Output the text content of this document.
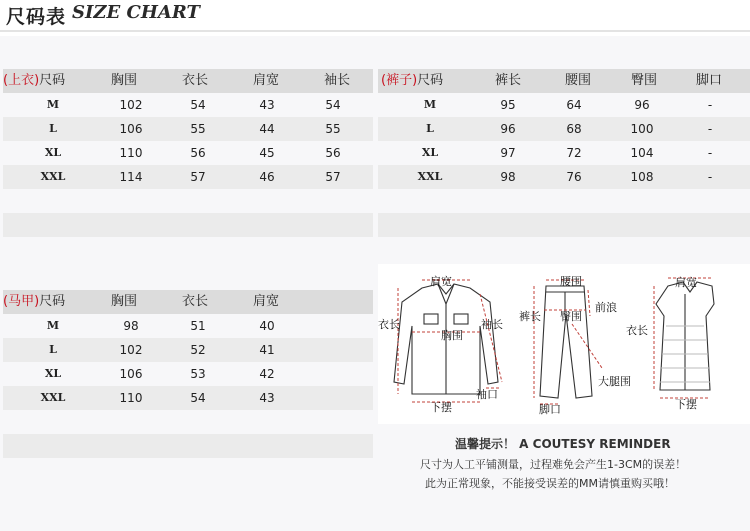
尺码表 SIZE CHART
(上衣)尺码	胸围	衣长	肩宽	袖长
M	102	54	43	54
L	106	55	44	55
XL	110	56	45	56
XXL	114	57	46	57
(裤子)尺码	裤长	腰围	臀围	脚口
M	95	64	96	-
L	96	68	100	-
XL	97	72	104	-
XXL	98	76	108	-
(马甲)尺码	胸围	衣长	肩宽
M	98	51	40
L	102	52	41
XL	106	53	42
XXL	110	54	43
肩宽
衣长
胸围
袖长
下摆
袖口
腰围
裤长 臀围
前浪
大腿围
脚口
肩宽
衣长
下摆
温馨提示！ A COUTESY REMINDER
尺寸为人工平铺测量，过程难免会产生1-3CM的误差！
此为正常现象，不能接受误差的MM请慎重购买哦！
